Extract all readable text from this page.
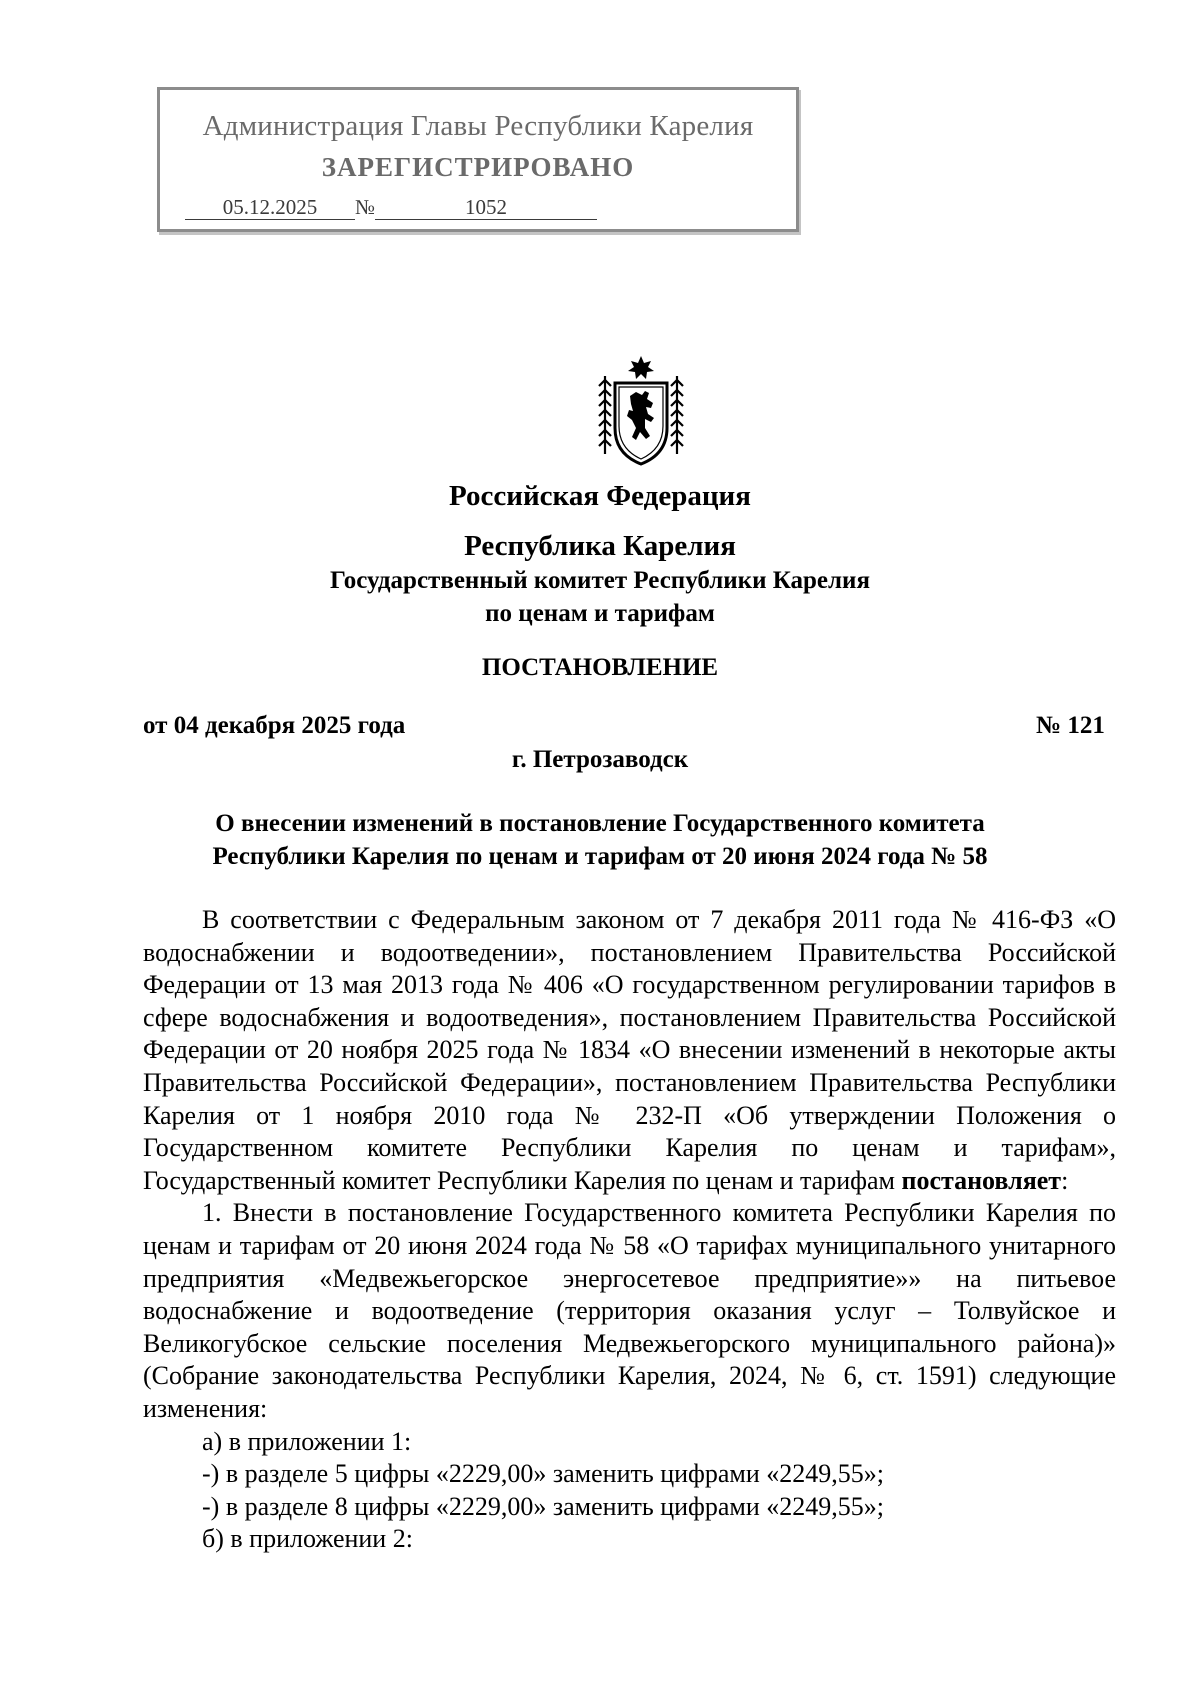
Администрация Главы Республики Карелия
ЗАРЕГИСТРИРОВАНО
05.12.2025 №	1052
Российская Федерация
Республика Карелия
Государственный комитет Республики Карелия
по ценам и тарифам
ПОСТАНОВЛЕНИЕ
от 04 декабря 2025 года	№ 121
г. Петрозаводск
О внесении изменений в постановление Государственного комитета
Республики Карелия по ценам и тарифам от 20 июня 2024 года № 58

В соответствии с Федеральным законом от 7 декабря 2011 года № 416-ФЗ «О водоснабжении и водоотведении», постановлением Правительства Российской Федерации от 13 мая 2013 года № 406 «О государственном регулировании тарифов в сфере водоснабжения и водоотведения», постановлением Правительства Российской Федерации от 20 ноября 2025 года № 1834 «О внесении изменений в некоторые акты Правительства Российской Федерации», постановлением Правительства Республики Карелия от 1 ноября 2010 года № 232-П «Об утверждении Положения о Государственном комитете Республики Карелия по ценам и тарифам», Государственный комитет Республики Карелия по ценам и тарифам постановляет:

1. Внести в постановление Государственного комитета Республики Карелия по ценам и тарифам от 20 июня 2024 года № 58 «О тарифах муниципального унитарного предприятия «Медвежьегорское энергосетевое предприятие»» на питьевое водоснабжение и водоотведение (территория оказания услуг – Толвуйское и Великогубское сельские поселения Медвежьегорского муниципального района)» (Собрание законодательства Республики Карелия, 2024, № 6, ст. 1591) следующие изменения:

а) в приложении 1:

-) в разделе 5 цифры «2229,00» заменить цифрами «2249,55»;

-) в разделе 8 цифры «2229,00» заменить цифрами «2249,55»;

б) в приложении 2:
